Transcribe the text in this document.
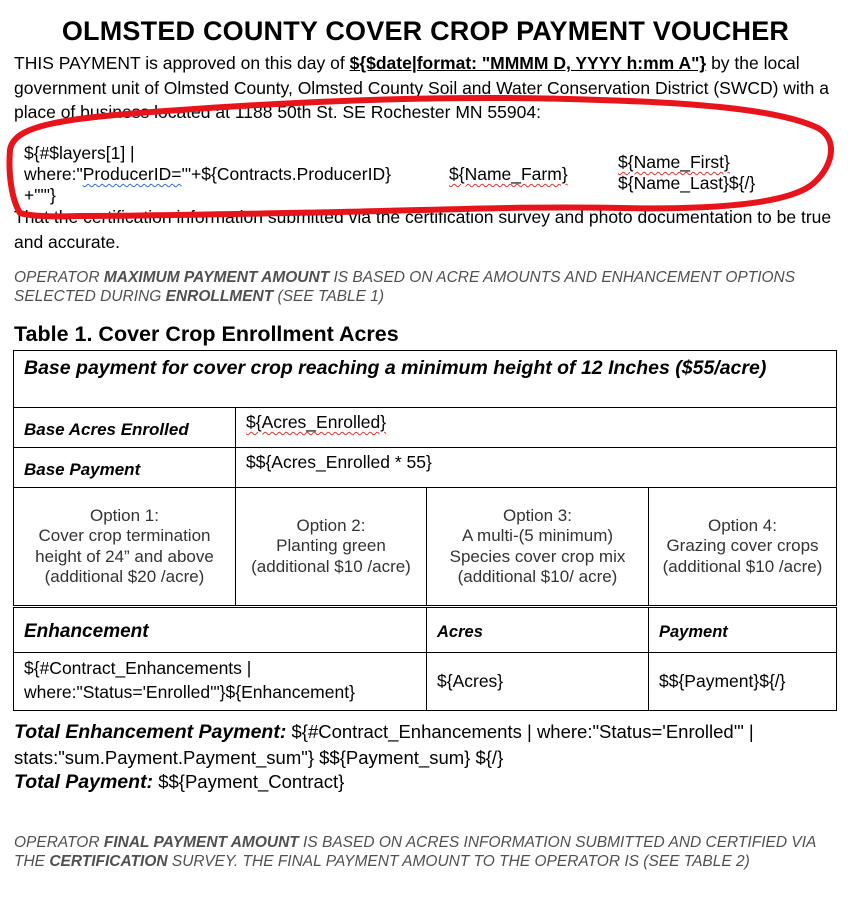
OLMSTED COUNTY COVER CROP PAYMENT VOUCHER
THIS PAYMENT is approved on this day of ${$date|format: "MMMM D, YYYY h:mm A"} by the local government unit of Olmsted County, Olmsted County Soil and Water Conservation District (SWCD) with a place of business located at 1188 50th St. SE Rochester MN 55904:
${#$layers[1] |
where:"ProducerID='"+${Contracts.ProducerID}
+"'"}
${Name_Farm}
${Name_First}
${Name_Last}${/}
That the certification information submitted via the certification survey and photo documentation to be true and accurate.
OPERATOR MAXIMUM PAYMENT AMOUNT IS BASED ON ACRE AMOUNTS AND ENHANCEMENT OPTIONS SELECTED DURING ENROLLMENT (SEE TABLE 1)
Table 1. Cover Crop Enrollment Acres
Base payment for cover crop reaching a minimum height of 12 Inches ($55/acre)	
Base Acres Enrolled	${Acres_Enrolled}
Base Payment	$${Acres_Enrolled * 55}
Option 1:
Cover crop termination
height of 24” and above
(additional $20 /acre)

Option 2:
Planting green
(additional $10 /acre)

Option 3:
A multi-(5 minimum)
Species cover crop mix
(additional $10/ acre)

Option 4:
Grazing cover crops
(additional $10 /acre)
Enhancement	Acres	Payment

${#Contract_Enhancements |
where:"Status='Enrolled'"}${Enhancement}	${Acres}	$${Payment}${/}
Total Enhancement Payment: ${#Contract_Enhancements | where:"Status='Enrolled'" |
stats:"sum.Payment.Payment_sum"} $${Payment_sum} ${/}
Total Payment: $${Payment_Contract}
OPERATOR FINAL PAYMENT AMOUNT IS BASED ON ACRES INFORMATION SUBMITTED AND CERTIFIED VIA THE CERTIFICATION SURVEY. THE FINAL PAYMENT AMOUNT TO THE OPERATOR IS (SEE TABLE 2)
